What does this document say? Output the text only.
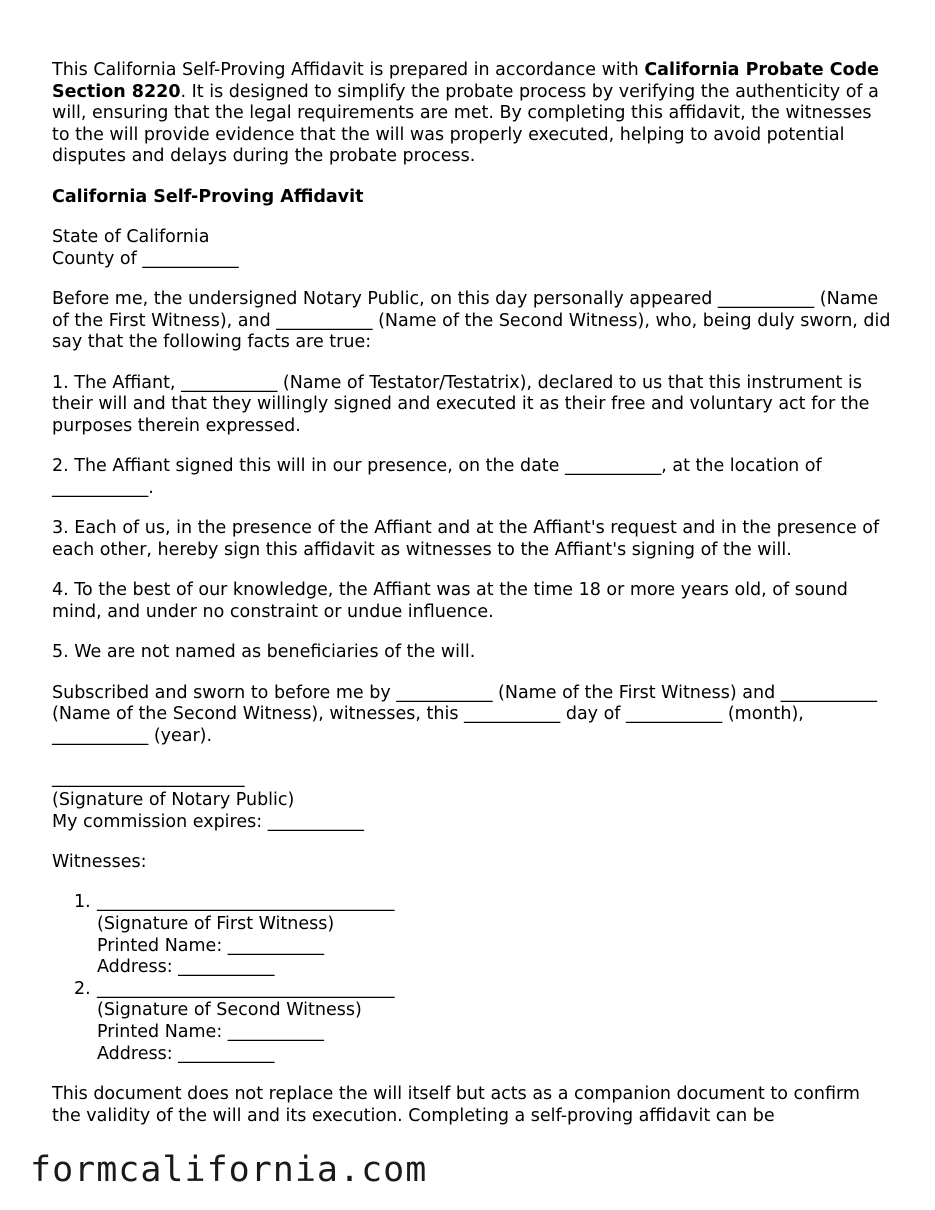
This California Self-Proving Affidavit is prepared in accordance with California Probate Code Section 8220. It is designed to simplify the probate process by verifying the authenticity of a will, ensuring that the legal requirements are met. By completing this affidavit, the witnesses to the will provide evidence that the will was properly executed, helping to avoid potential disputes and delays during the probate process.

California Self-Proving Affidavit

State of California
County of ___________

Before me, the undersigned Notary Public, on this day personally appeared ___________ (Name of the First Witness), and ___________ (Name of the Second Witness), who, being duly sworn, did say that the following facts are true:

1. The Affiant, ___________ (Name of Testator/Testatrix), declared to us that this instrument is their will and that they willingly signed and executed it as their free and voluntary act for the purposes therein expressed.

2. The Affiant signed this will in our presence, on the date ___________, at the location of ___________.

3. Each of us, in the presence of the Affiant and at the Affiant's request and in the presence of each other, hereby sign this affidavit as witnesses to the Affiant's signing of the will.

4. To the best of our knowledge, the Affiant was at the time 18 or more years old, of sound mind, and under no constraint or undue influence.

5. We are not named as beneficiaries of the will.

Subscribed and sworn to before me by ___________ (Name of the First Witness) and ___________ (Name of the Second Witness), witnesses, this ___________ day of ___________ (month), ___________ (year).

______________________
(Signature of Notary Public)
My commission expires: ___________

Witnesses:

1. __________________________________
(Signature of First Witness)
Printed Name: ___________
Address: ___________
2. __________________________________
(Signature of Second Witness)
Printed Name: ___________
Address: ___________

This document does not replace the will itself but acts as a companion document to confirm the validity of the will and its execution. Completing a self-proving affidavit can be

formcalifornia.com
